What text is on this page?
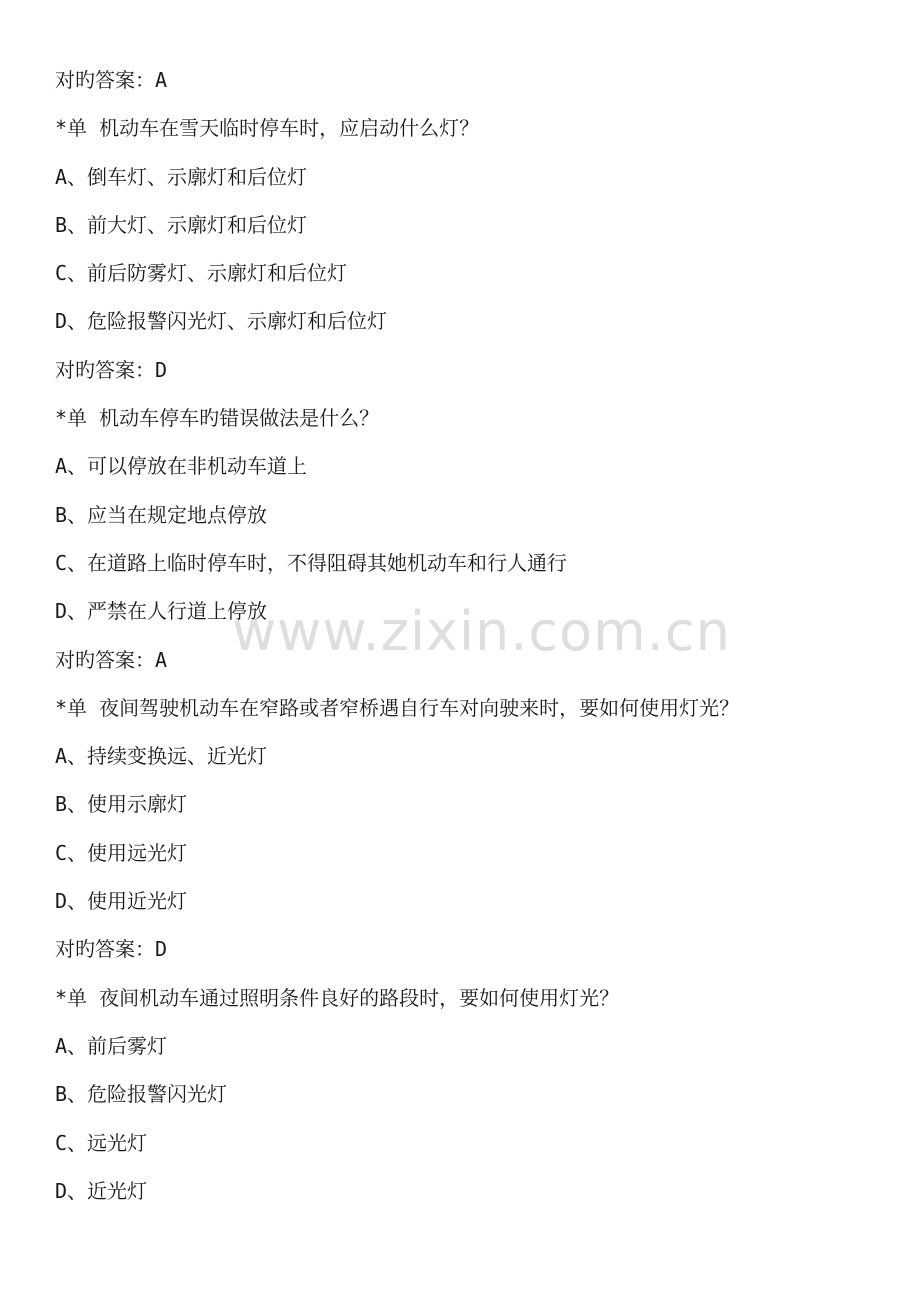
对旳答案：A
*单 机动车在雪天临时停车时，应启动什么灯？
A、倒车灯、示廓灯和后位灯
B、前大灯、示廓灯和后位灯
C、前后防雾灯、示廓灯和后位灯
D、危险报警闪光灯、示廓灯和后位灯
对旳答案：D
*单 机动车停车旳错误做法是什么？
A、可以停放在非机动车道上
B、应当在规定地点停放
C、在道路上临时停车时，不得阻碍其她机动车和行人通行
D、严禁在人行道上停放
对旳答案：A
*单 夜间驾驶机动车在窄路或者窄桥遇自行车对向驶来时，要如何使用灯光？
A、持续变换远、近光灯
B、使用示廓灯
C、使用远光灯
D、使用近光灯
对旳答案：D
*单 夜间机动车通过照明条件良好的路段时，要如何使用灯光？
A、前后雾灯
B、危险报警闪光灯
C、远光灯
D、近光灯
www.zixin.com.cn
